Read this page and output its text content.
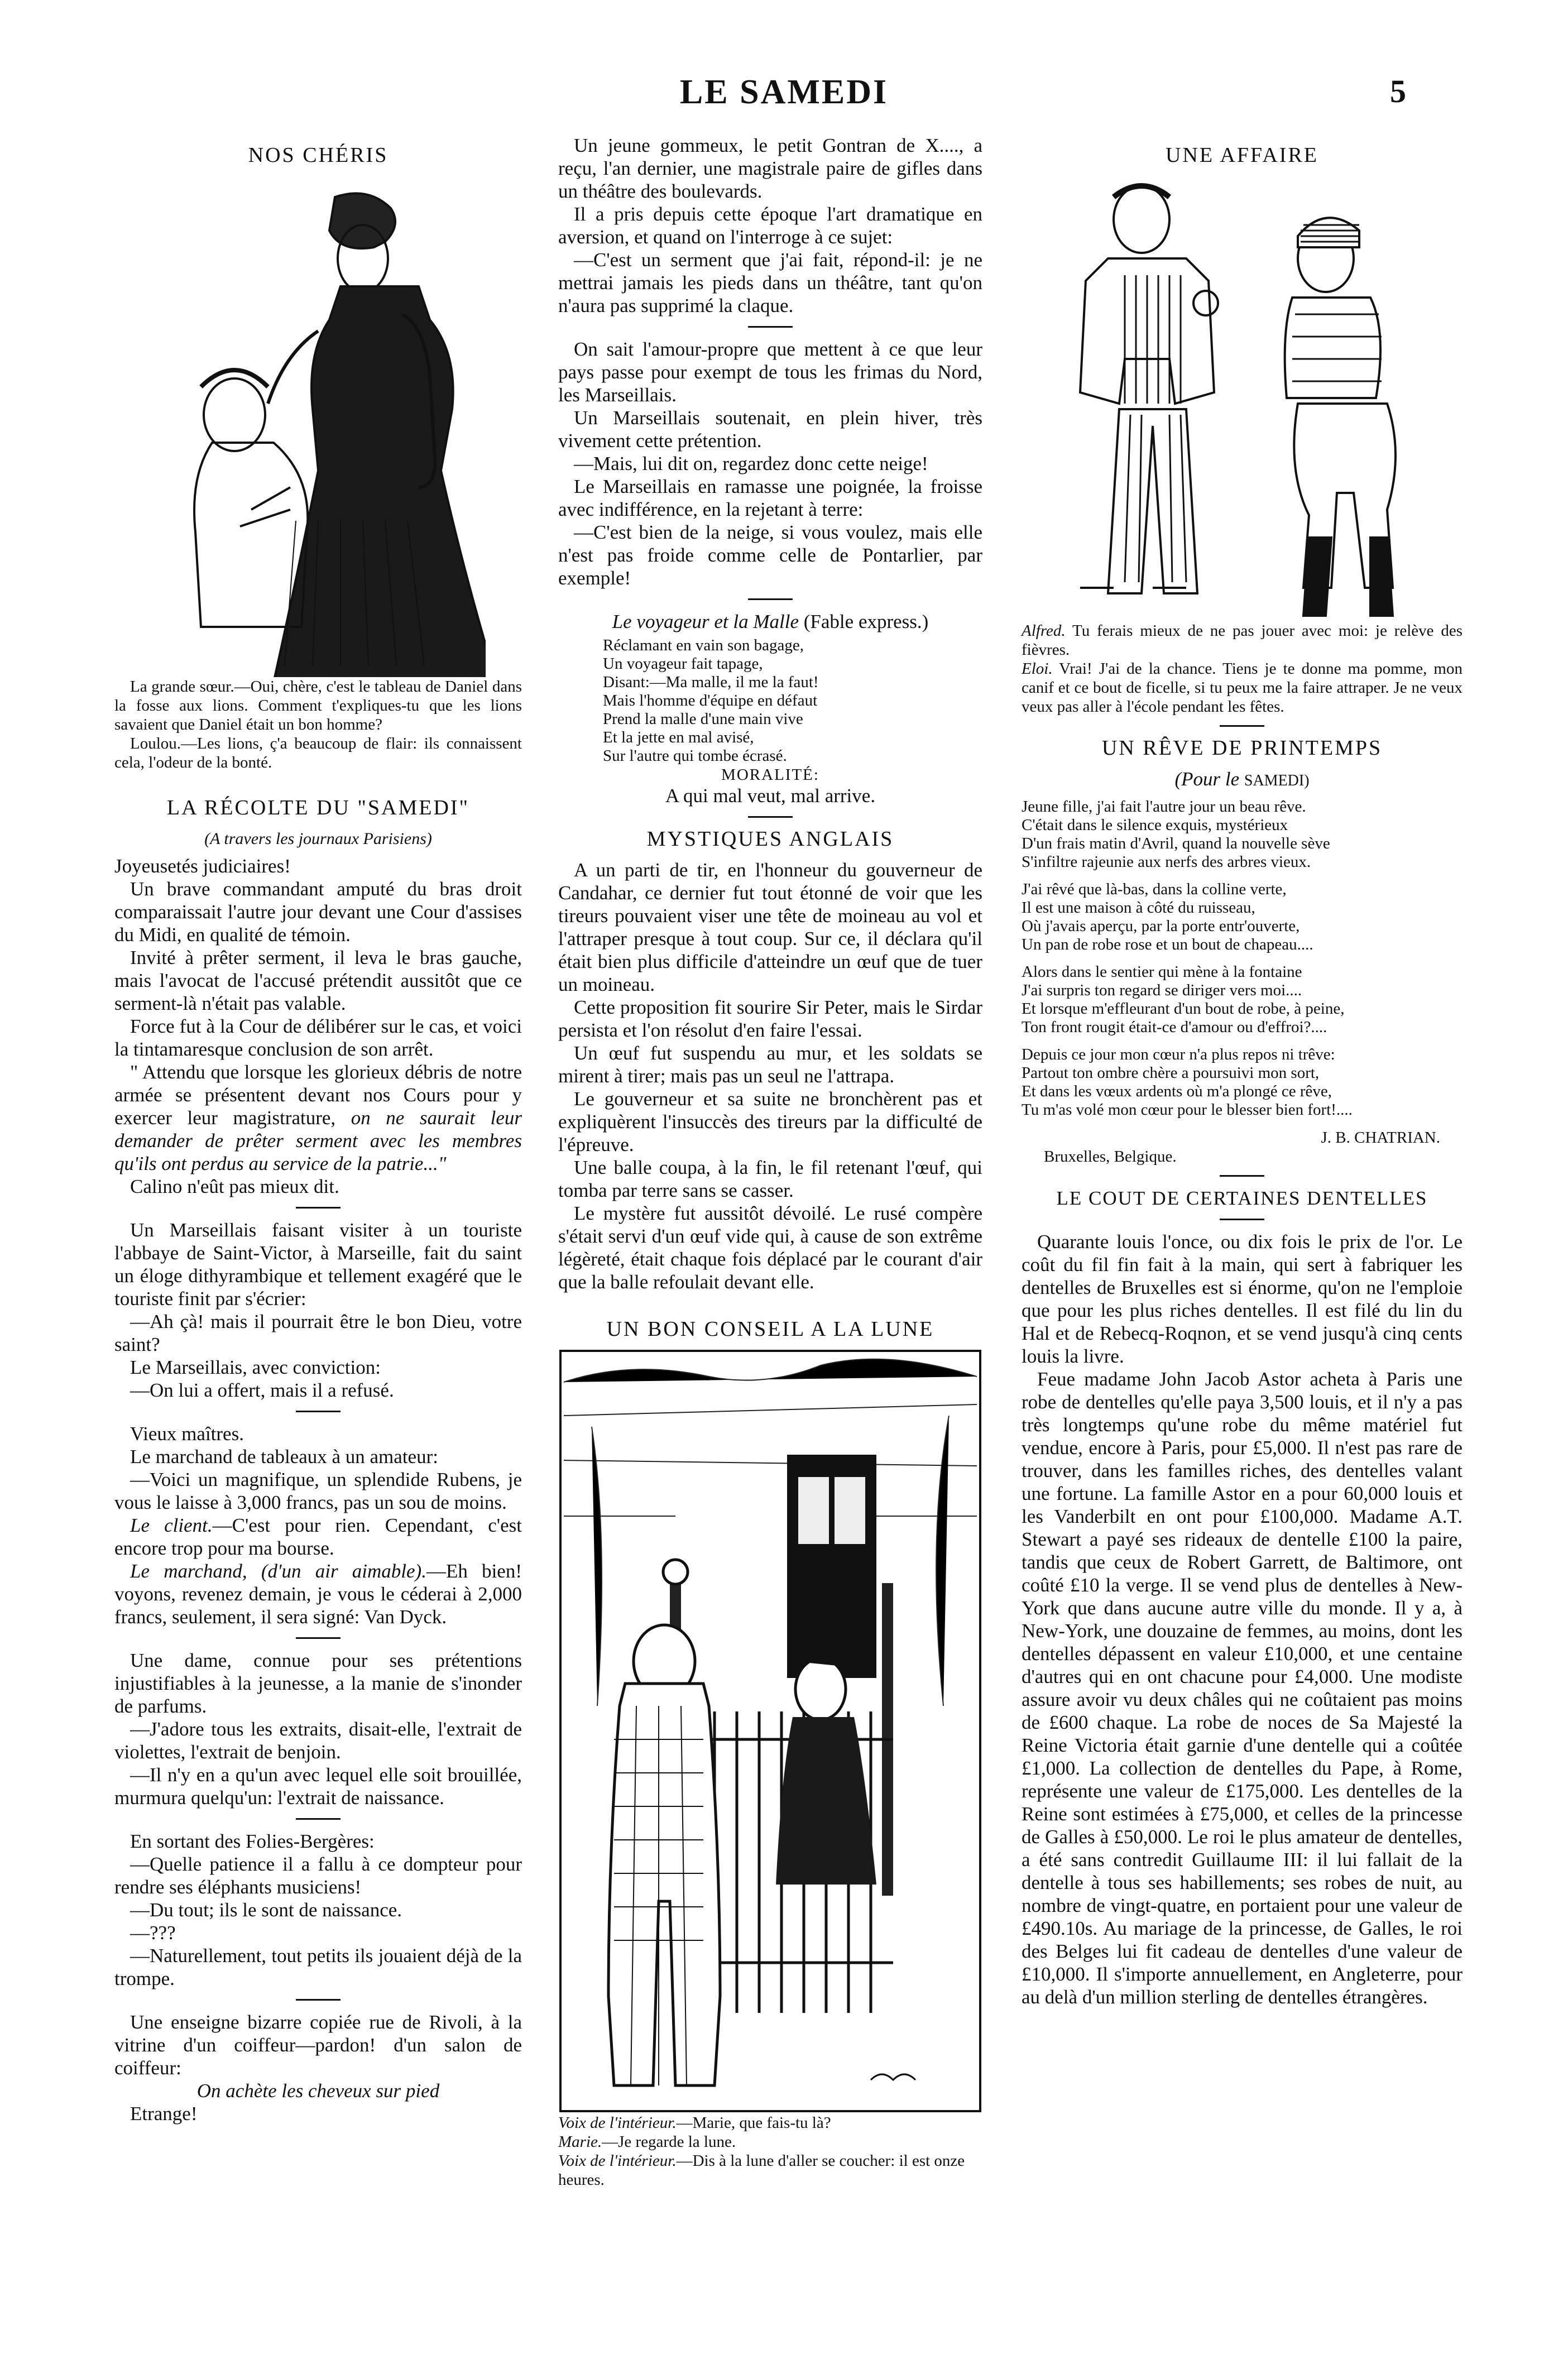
LE SAMEDI	5
NOS CHÉRIS

La grande sœur.—Oui, chère, c'est le tableau de Daniel dans la fosse aux lions. Comment t'expliques-tu que les lions savaient que Daniel était un bon homme?

Loulou.—Les lions, ç'a beaucoup de flair: ils connaissent cela, l'odeur de la bonté.

LA RÉCOLTE DU "SAMEDI"
(A travers les journaux Parisiens)

Joyeusetés judiciaires!

Un brave commandant amputé du bras droit comparaissait l'autre jour devant une Cour d'assises du Midi, en qualité de témoin.

Invité à prêter serment, il leva le bras gauche, mais l'avocat de l'accusé prétendit aussitôt que ce serment-là n'était pas valable.

Force fut à la Cour de délibérer sur le cas, et voici la tintamaresque conclusion de son arrêt.

" Attendu que lorsque les glorieux débris de notre armée se présentent devant nos Cours pour y exercer leur magistrature, on ne saurait leur demander de prêter serment avec les membres qu'ils ont perdus au service de la patrie..."

Calino n'eût pas mieux dit.

Un Marseillais faisant visiter à un touriste l'abbaye de Saint-Victor, à Marseille, fait du saint un éloge dithyrambique et tellement exagéré que le touriste finit par s'écrier:

—Ah çà! mais il pourrait être le bon Dieu, votre saint?

Le Marseillais, avec conviction:

—On lui a offert, mais il a refusé.

Vieux maîtres.

Le marchand de tableaux à un amateur:

—Voici un magnifique, un splendide Rubens, je vous le laisse à 3,000 francs, pas un sou de moins.

Le client.—C'est pour rien. Cependant, c'est encore trop pour ma bourse.

Le marchand, (d'un air aimable).—Eh bien! voyons, revenez demain, je vous le céderai à 2,000 francs, seulement, il sera signé: Van Dyck.

Une dame, connue pour ses prétentions injustifiables à la jeunesse, a la manie de s'inonder de parfums.

—J'adore tous les extraits, disait-elle, l'extrait de violettes, l'extrait de benjoin.

—Il n'y en a qu'un avec lequel elle soit brouillée, murmura quelqu'un: l'extrait de naissance.

En sortant des Folies-Bergères:

—Quelle patience il a fallu à ce dompteur pour rendre ses éléphants musiciens!

—Du tout; ils le sont de naissance.

—???

—Naturellement, tout petits ils jouaient déjà de la trompe.

Une enseigne bizarre copiée rue de Rivoli, à la vitrine d'un coiffeur—pardon! d'un salon de coiffeur:

On achète les cheveux sur pied

Etrange!

Un jeune gommeux, le petit Gontran de X...., a reçu, l'an dernier, une magistrale paire de gifles dans un théâtre des boulevards.

Il a pris depuis cette époque l'art dramatique en aversion, et quand on l'interroge à ce sujet:

—C'est un serment que j'ai fait, répond-il: je ne mettrai jamais les pieds dans un théâtre, tant qu'on n'aura pas supprimé la claque.

On sait l'amour-propre que mettent à ce que leur pays passe pour exempt de tous les frimas du Nord, les Marseillais.

Un Marseillais soutenait, en plein hiver, très vivement cette prétention.

—Mais, lui dit on, regardez donc cette neige!

Le Marseillais en ramasse une poignée, la froisse avec indifférence, en la rejetant à terre:

—C'est bien de la neige, si vous voulez, mais elle n'est pas froide comme celle de Pontarlier, par exemple!

Le voyageur et la Malle (Fable express.)
Réclamant en vain son bagage,
Un voyageur fait tapage,
Disant:—Ma malle, il me la faut!
Mais l'homme d'équipe en défaut
Prend la malle d'une main vive
Et la jette en mal avisé,
Sur l'autre qui tombe écrasé.
MORALITÉ:
A qui mal veut, mal arrive.
MYSTIQUES ANGLAIS

A un parti de tir, en l'honneur du gouverneur de Candahar, ce dernier fut tout étonné de voir que les tireurs pouvaient viser une tête de moineau au vol et l'attraper presque à tout coup. Sur ce, il déclara qu'il était bien plus difficile d'atteindre un œuf que de tuer un moineau.

Cette proposition fit sourire Sir Peter, mais le Sirdar persista et l'on résolut d'en faire l'essai.

Un œuf fut suspendu au mur, et les soldats se mirent à tirer; mais pas un seul ne l'attrapa.

Le gouverneur et sa suite ne bronchèrent pas et expliquèrent l'insuccès des tireurs par la difficulté de l'épreuve.

Une balle coupa, à la fin, le fil retenant l'œuf, qui tomba par terre sans se casser.

Le mystère fut aussitôt dévoilé. Le rusé compère s'était servi d'un œuf vide qui, à cause de son extrême légèreté, était chaque fois déplacé par le courant d'air que la balle refoulait devant elle.

UN BON CONSEIL A LA LUNE
Voix de l'intérieur.—Marie, que fais-tu là?
Marie.—Je regarde la lune.
Voix de l'intérieur.—Dis à la lune d'aller se coucher: il est onze heures.
UNE AFFAIRE

Alfred. Tu ferais mieux de ne pas jouer avec moi: je relève des fièvres.

Eloi. Vrai! J'ai de la chance. Tiens je te donne ma pomme, mon canif et ce bout de ficelle, si tu peux me la faire attraper. Je ne veux veux pas aller à l'école pendant les fêtes.

UN RÊVE DE PRINTEMPS
(Pour le SAMEDI)
Jeune fille, j'ai fait l'autre jour un beau rêve.
C'était dans le silence exquis, mystérieux
D'un frais matin d'Avril, quand la nouvelle sève
S'infiltre rajeunie aux nerfs des arbres vieux.
J'ai rêvé que là-bas, dans la colline verte,
Il est une maison à côté du ruisseau,
Où j'avais aperçu, par la porte entr'ouverte,
Un pan de robe rose et un bout de chapeau....
Alors dans le sentier qui mène à la fontaine
J'ai surpris ton regard se diriger vers moi....
Et lorsque m'effleurant d'un bout de robe, à peine,
Ton front rougit était-ce d'amour ou d'effroi?....
Depuis ce jour mon cœur n'a plus repos ni trêve:
Partout ton ombre chère a poursuivi mon sort,
Et dans les vœux ardents où m'a plongé ce rêve,
Tu m'as volé mon cœur pour le blesser bien fort!....
J. B. CHATRIAN.
Bruxelles, Belgique.
LE COUT DE CERTAINES DENTELLES

Quarante louis l'once, ou dix fois le prix de l'or. Le coût du fil fin fait à la main, qui sert à fabriquer les dentelles de Bruxelles est si énorme, qu'on ne l'emploie que pour les plus riches dentelles. Il est filé du lin du Hal et de Rebecq-Roqnon, et se vend jusqu'à cinq cents louis la livre.

Feue madame John Jacob Astor acheta à Paris une robe de dentelles qu'elle paya 3,500 louis, et il n'y a pas très longtemps qu'une robe du même matériel fut vendue, encore à Paris, pour £5,000. Il n'est pas rare de trouver, dans les familles riches, des dentelles valant une fortune. La famille Astor en a pour 60,000 louis et les Vanderbilt en ont pour £100,000. Madame A.T. Stewart a payé ses rideaux de dentelle £100 la paire, tandis que ceux de Robert Garrett, de Baltimore, ont coûté £10 la verge. Il se vend plus de dentelles à New-York que dans aucune autre ville du monde. Il y a, à New-York, une douzaine de femmes, au moins, dont les dentelles dépassent en valeur £10,000, et une centaine d'autres qui en ont chacune pour £4,000. Une modiste assure avoir vu deux châles qui ne coûtaient pas moins de £600 chaque. La robe de noces de Sa Majesté la Reine Victoria était garnie d'une dentelle qui a coûtée £1,000. La collection de dentelles du Pape, à Rome, représente une valeur de £175,000. Les dentelles de la Reine sont estimées à £75,000, et celles de la princesse de Galles à £50,000. Le roi le plus amateur de dentelles, a été sans contredit Guillaume III: il lui fallait de la dentelle à tous ses habillements; ses robes de nuit, au nombre de vingt-quatre, en portaient pour une valeur de £490.10s. Au mariage de la princesse, de Galles, le roi des Belges lui fit cadeau de dentelles d'une valeur de £10,000. Il s'importe annuellement, en Angleterre, pour au delà d'un million sterling de dentelles étrangères.
